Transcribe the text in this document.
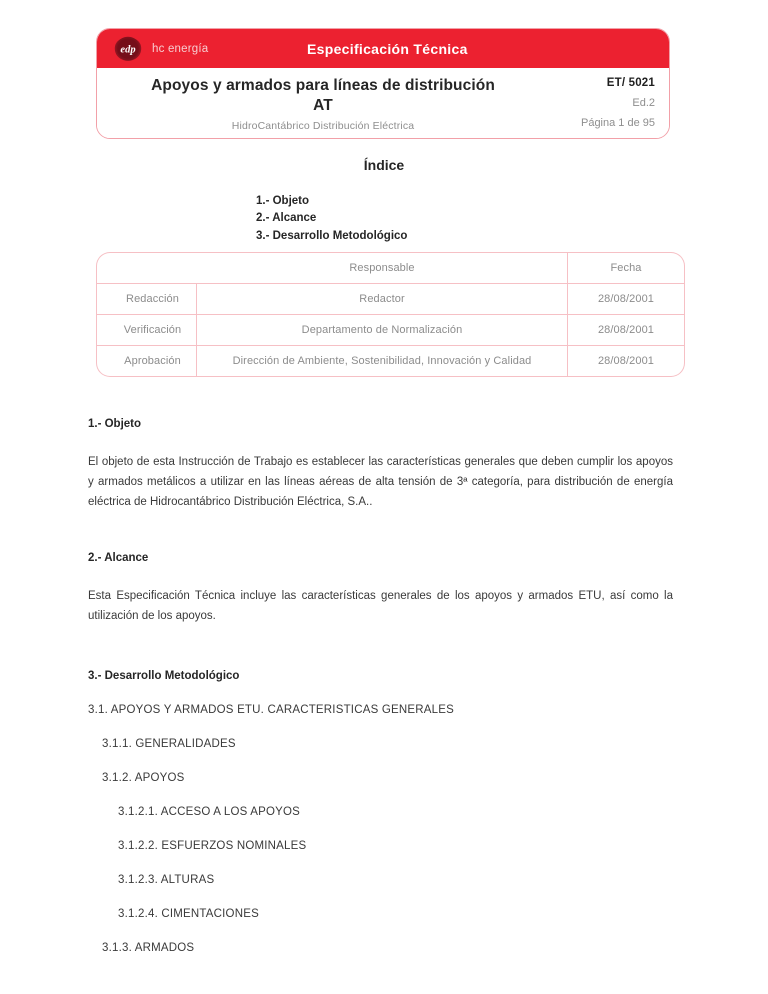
edp hc energía	Especificación Técnica
Apoyos y armados para líneas de distribución
AT
HidroCantábrico Distribución Eléctrica
ET/ 5021
Ed.2
Página 1 de 95
Índice
1.- Objeto
2.- Alcance
3.- Desarrollo Metodológico
	Responsable	Fecha
Redacción	Redactor	28/08/2001
Verificación	Departamento de Normalización	28/08/2001
Aprobación	Dirección de Ambiente, Sostenibilidad, Innovación y Calidad	28/08/2001
1.- Objeto

El objeto de esta Instrucción de Trabajo es establecer las características generales que deben cumplir los apoyos y armados metálicos a utilizar en las líneas aéreas de alta tensión de 3ª categoría, para distribución de energía eléctrica de Hidrocantábrico Distribución Eléctrica, S.A..

2.- Alcance

Esta Especificación Técnica incluye las características generales de los apoyos y armados ETU, así como la utilización de los apoyos.

3.- Desarrollo Metodológico
3.1. APOYOS Y ARMADOS ETU. CARACTERISTICAS GENERALES
3.1.1. GENERALIDADES
3.1.2. APOYOS
3.1.2.1. ACCESO A LOS APOYOS
3.1.2.2. ESFUERZOS NOMINALES
3.1.2.3. ALTURAS
3.1.2.4. CIMENTACIONES
3.1.3. ARMADOS
